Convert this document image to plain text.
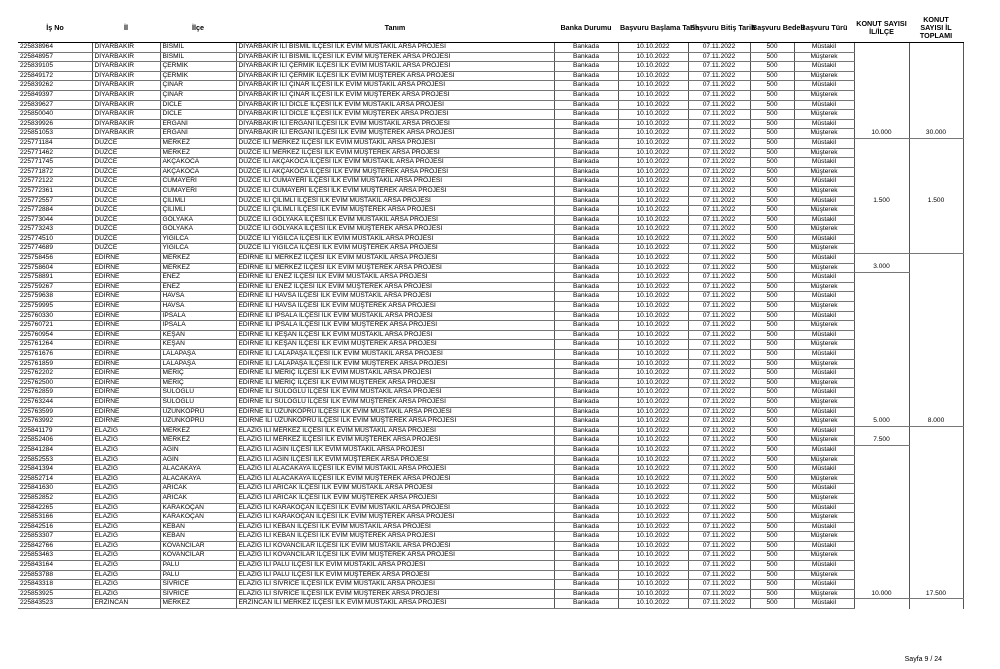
İş No	İl	İlçe	Tanım	Banka Durumu	Başvuru Başlama Tarih	Başvuru Bitiş Tarih	Başvuru Bedeli	Başvuru Türü	KONUT SAYISI İL/İLÇE	KONUT SAYISI İL TOPLAMI
225838964	DİYARBAKIR	BİSMİL	DİYARBAKIR İLİ BİSMİL İLÇESİ İLK EVİM MÜSTAKİL ARSA PROJESİ	Bankada	10.10.2022	07.11.2022	500	Müstakil		
225848957	DİYARBAKIR	BİSMİL	DİYARBAKIR İLİ BİSMİL İLÇESİ İLK EVİM MÜŞTEREK ARSA PROJESİ	Bankada	10.10.2022	07.11.2022	500	Müşterek		
225839105	DİYARBAKIR	ÇERMİK	DİYARBAKIR İLİ ÇERMİK İLÇESİ İLK EVİM MÜSTAKİL ARSA PROJESİ	Bankada	10.10.2022	07.11.2022	500	Müstakil		
225849172	DİYARBAKIR	ÇERMİK	DİYARBAKIR İLİ ÇERMİK İLÇESİ İLK EVİM MÜŞTEREK ARSA PROJESİ	Bankada	10.10.2022	07.11.2022	500	Müşterek		
225839262	DİYARBAKIR	ÇINAR	DİYARBAKIR İLİ ÇINAR İLÇESİ İLK EVİM MÜSTAKİL ARSA PROJESİ	Bankada	10.10.2022	07.11.2022	500	Müstakil		
225849397	DİYARBAKIR	ÇINAR	DİYARBAKIR İLİ ÇINAR İLÇESİ İLK EVİM MÜŞTEREK ARSA PROJESİ	Bankada	10.10.2022	07.11.2022	500	Müşterek		
225839627	DİYARBAKIR	DİCLE	DİYARBAKIR İLİ DİCLE İLÇESİ İLK EVİM MÜSTAKİL ARSA PROJESİ	Bankada	10.10.2022	07.11.2022	500	Müstakil		
225850040	DİYARBAKIR	DİCLE	DİYARBAKIR İLİ DİCLE İLÇESİ İLK EVİM MÜŞTEREK ARSA PROJESİ	Bankada	10.10.2022	07.11.2022	500	Müşterek		
225839926	DİYARBAKIR	ERGANİ	DİYARBAKIR İLİ ERGANİ İLÇESİ İLK EVİM MÜSTAKİL ARSA PROJESİ	Bankada	10.10.2022	07.11.2022	500	Müstakil		
225851053	DİYARBAKIR	ERGANİ	DİYARBAKIR İLİ ERGANİ İLÇESİ İLK EVİM MÜŞTEREK ARSA PROJESİ	Bankada	10.10.2022	07.11.2022	500	Müşterek	10.000	30.000
225771184	DÜZCE	MERKEZ	DÜZCE İLİ MERKEZ İLÇESİ İLK EVİM MÜSTAKİL ARSA PROJESİ	Bankada	10.10.2022	07.11.2022	500	Müstakil		
225771462	DÜZCE	MERKEZ	DÜZCE İLİ MERKEZ İLÇESİ İLK EVİM MÜŞTEREK ARSA PROJESİ	Bankada	10.10.2022	07.11.2022	500	Müşterek		
225771745	DÜZCE	AKÇAKOCA	DÜZCE İLİ AKÇAKOCA İLÇESİ İLK EVİM MÜSTAKİL ARSA PROJESİ	Bankada	10.10.2022	07.11.2022	500	Müstakil		
225771872	DÜZCE	AKÇAKOCA	DÜZCE İLİ AKÇAKOCA İLÇESİ İLK EVİM MÜŞTEREK ARSA PROJESİ	Bankada	10.10.2022	07.11.2022	500	Müşterek		
225772122	DÜZCE	CUMAYERİ	DÜZCE İLİ CUMAYERİ İLÇESİ İLK EVİM MÜSTAKİL ARSA PROJESİ	Bankada	10.10.2022	07.11.2022	500	Müstakil		
225772361	DÜZCE	CUMAYERİ	DÜZCE İLİ CUMAYERİ İLÇESİ İLK EVİM MÜŞTEREK ARSA PROJESİ	Bankada	10.10.2022	07.11.2022	500	Müşterek		
225772557	DÜZCE	ÇİLİMLİ	DÜZCE İLİ ÇİLİMLİ İLÇESİ İLK EVİM MÜSTAKİL ARSA PROJESİ	Bankada	10.10.2022	07.11.2022	500	Müstakil	1.500	1.500
225772884	DÜZCE	ÇİLİMLİ	DÜZCE İLİ ÇİLİMLİ İLÇESİ İLK EVİM MÜŞTEREK ARSA PROJESİ	Bankada	10.10.2022	07.11.2022	500	Müşterek		
225773044	DÜZCE	GÖLYAKA	DÜZCE İLİ GÖLYAKA İLÇESİ İLK EVİM MÜSTAKİL ARSA PROJESİ	Bankada	10.10.2022	07.11.2022	500	Müstakil		
225773243	DÜZCE	GÖLYAKA	DÜZCE İLİ GÖLYAKA İLÇESİ İLK EVİM MÜŞTEREK ARSA PROJESİ	Bankada	10.10.2022	07.11.2022	500	Müşterek		
225774510	DÜZCE	YIĞILCA	DÜZCE İLİ YIĞILCA İLÇESİ İLK EVİM MÜSTAKİL ARSA PROJESİ	Bankada	10.10.2022	07.11.2022	500	Müstakil		
225774689	DÜZCE	YIĞILCA	DÜZCE İLİ YIĞILCA İLÇESİ İLK EVİM MÜŞTEREK ARSA PROJESİ	Bankada	10.10.2022	07.11.2022	500	Müşterek		
225758456	EDİRNE	MERKEZ	EDİRNE İLİ MERKEZ İLÇESİ İLK EVİM MÜSTAKİL ARSA PROJESİ	Bankada	10.10.2022	07.11.2022	500	Müstakil		
225758604	EDİRNE	MERKEZ	EDİRNE İLİ MERKEZ İLÇESİ İLK EVİM MÜŞTEREK ARSA PROJESİ	Bankada	10.10.2022	07.11.2022	500	Müşterek	3.000	
225758891	EDİRNE	ENEZ	EDİRNE İLİ ENEZ İLÇESİ İLK EVİM MÜSTAKİL ARSA PROJESİ	Bankada	10.10.2022	07.11.2022	500	Müstakil		
225759267	EDİRNE	ENEZ	EDİRNE İLİ ENEZ İLÇESİ İLK EVİM MÜŞTEREK ARSA PROJESİ	Bankada	10.10.2022	07.11.2022	500	Müşterek		
225759638	EDİRNE	HAVSA	EDİRNE İLİ HAVSA İLÇESİ İLK EVİM MÜSTAKİL ARSA PROJESİ	Bankada	10.10.2022	07.11.2022	500	Müstakil		
225759995	EDİRNE	HAVSA	EDİRNE İLİ HAVSA İLÇESİ İLK EVİM MÜŞTEREK ARSA PROJESİ	Bankada	10.10.2022	07.11.2022	500	Müşterek		
225760330	EDİRNE	İPSALA	EDİRNE İLİ İPSALA İLÇESİ İLK EVİM MÜSTAKİL ARSA PROJESİ	Bankada	10.10.2022	07.11.2022	500	Müstakil		
225760721	EDİRNE	İPSALA	EDİRNE İLİ İPSALA İLÇESİ İLK EVİM MÜŞTEREK ARSA PROJESİ	Bankada	10.10.2022	07.11.2022	500	Müşterek		
225760954	EDİRNE	KEŞAN	EDİRNE İLİ KEŞAN İLÇESİ İLK EVİM MÜSTAKİL ARSA PROJESİ	Bankada	10.10.2022	07.11.2022	500	Müstakil		
225761264	EDİRNE	KEŞAN	EDİRNE İLİ KEŞAN İLÇESİ İLK EVİM MÜŞTEREK ARSA PROJESİ	Bankada	10.10.2022	07.11.2022	500	Müşterek		
225761676	EDİRNE	LALAPAŞA	EDİRNE İLİ LALAPAŞA İLÇESİ İLK EVİM MÜSTAKİL ARSA PROJESİ	Bankada	10.10.2022	07.11.2022	500	Müstakil		
225761859	EDİRNE	LALAPAŞA	EDİRNE İLİ LALAPAŞA İLÇESİ İLK EVİM MÜŞTEREK ARSA PROJESİ	Bankada	10.10.2022	07.11.2022	500	Müşterek		
225762202	EDİRNE	MERİÇ	EDİRNE İLİ MERİÇ İLÇESİ İLK EVİM MÜSTAKİL ARSA PROJESİ	Bankada	10.10.2022	07.11.2022	500	Müstakil		
225762500	EDİRNE	MERİÇ	EDİRNE İLİ MERİÇ İLÇESİ İLK EVİM MÜŞTEREK ARSA PROJESİ	Bankada	10.10.2022	07.11.2022	500	Müşterek		
225762859	EDİRNE	SÜLOĞLU	EDİRNE İLİ SÜLOĞLU İLÇESİ İLK EVİM MÜSTAKİL ARSA PROJESİ	Bankada	10.10.2022	07.11.2022	500	Müstakil		
225763244	EDİRNE	SÜLOĞLU	EDİRNE İLİ SÜLOĞLU İLÇESİ İLK EVİM MÜŞTEREK ARSA PROJESİ	Bankada	10.10.2022	07.11.2022	500	Müşterek		
225763599	EDİRNE	UZUNKÖPRÜ	EDİRNE İLİ UZUNKÖPRÜ İLÇESİ İLK EVİM MÜSTAKİL ARSA PROJESİ	Bankada	10.10.2022	07.11.2022	500	Müstakil		
225763992	EDİRNE	UZUNKÖPRÜ	EDİRNE İLİ UZUNKÖPRÜ İLÇESİ İLK EVİM MÜŞTEREK ARSA PROJESİ	Bankada	10.10.2022	07.11.2022	500	Müşterek	5.000	8.000
225841179	ELAZIĞ	MERKEZ	ELAZIĞ İLİ MERKEZ İLÇESİ İLK EVİM MÜSTAKİL ARSA PROJESİ	Bankada	10.10.2022	07.11.2022	500	Müstakil		
225852406	ELAZIĞ	MERKEZ	ELAZIĞ İLİ MERKEZ İLÇESİ İLK EVİM MÜŞTEREK ARSA PROJESİ	Bankada	10.10.2022	07.11.2022	500	Müşterek	7.500	
225841284	ELAZIĞ	AĞIN	ELAZIĞ İLİ AĞIN İLÇESİ İLK EVİM MÜSTAKİL ARSA PROJESİ	Bankada	10.10.2022	07.11.2022	500	Müstakil		
225852553	ELAZIĞ	AĞIN	ELAZIĞ İLİ AĞIN İLÇESİ İLK EVİM MÜŞTEREK ARSA PROJESİ	Bankada	10.10.2022	07.11.2022	500	Müşterek		
225841394	ELAZIĞ	ALACAKAYA	ELAZIĞ İLİ ALACAKAYA İLÇESİ İLK EVİM MÜSTAKİL ARSA PROJESİ	Bankada	10.10.2022	07.11.2022	500	Müstakil		
225852714	ELAZIĞ	ALACAKAYA	ELAZIĞ İLİ ALACAKAYA İLÇESİ İLK EVİM MÜŞTEREK ARSA PROJESİ	Bankada	10.10.2022	07.11.2022	500	Müşterek		
225841630	ELAZIĞ	ARICAK	ELAZIĞ İLİ ARICAK İLÇESİ İLK EVİM MÜSTAKİL ARSA PROJESİ	Bankada	10.10.2022	07.11.2022	500	Müstakil		
225852852	ELAZIĞ	ARICAK	ELAZIĞ İLİ ARICAK İLÇESİ İLK EVİM MÜŞTEREK ARSA PROJESİ	Bankada	10.10.2022	07.11.2022	500	Müşterek		
225842265	ELAZIĞ	KARAKOÇAN	ELAZIĞ İLİ KARAKOÇAN İLÇESİ İLK EVİM MÜSTAKİL ARSA PROJESİ	Bankada	10.10.2022	07.11.2022	500	Müstakil		
225853166	ELAZIĞ	KARAKOÇAN	ELAZIĞ İLİ KARAKOÇAN İLÇESİ İLK EVİM MÜŞTEREK ARSA PROJESİ	Bankada	10.10.2022	07.11.2022	500	Müşterek		
225842516	ELAZIĞ	KEBAN	ELAZIĞ İLİ KEBAN İLÇESİ İLK EVİM MÜSTAKİL ARSA PROJESİ	Bankada	10.10.2022	07.11.2022	500	Müstakil		
225853307	ELAZIĞ	KEBAN	ELAZIĞ İLİ KEBAN İLÇESİ İLK EVİM MÜŞTEREK ARSA PROJESİ	Bankada	10.10.2022	07.11.2022	500	Müşterek		
225842766	ELAZIĞ	KOVANCILAR	ELAZIĞ İLİ KOVANCILAR İLÇESİ İLK EVİM MÜSTAKİL ARSA PROJESİ	Bankada	10.10.2022	07.11.2022	500	Müstakil		
225853463	ELAZIĞ	KOVANCILAR	ELAZIĞ İLİ KOVANCILAR İLÇESİ İLK EVİM MÜŞTEREK ARSA PROJESİ	Bankada	10.10.2022	07.11.2022	500	Müşterek		
225843164	ELAZIĞ	PALU	ELAZIĞ İLİ PALU İLÇESİ İLK EVİM MÜSTAKİL ARSA PROJESİ	Bankada	10.10.2022	07.11.2022	500	Müstakil		
225853788	ELAZIĞ	PALU	ELAZIĞ İLİ PALU İLÇESİ İLK EVİM MÜŞTEREK ARSA PROJESİ	Bankada	10.10.2022	07.11.2022	500	Müşterek		
225843318	ELAZIĞ	SİVRİCE	ELAZIĞ İLİ SİVRİCE İLÇESİ İLK EVİM MÜSTAKİL ARSA PROJESİ	Bankada	10.10.2022	07.11.2022	500	Müstakil		
225853925	ELAZIĞ	SİVRİCE	ELAZIĞ İLİ SİVRİCE İLÇESİ İLK EVİM MÜŞTEREK ARSA PROJESİ	Bankada	10.10.2022	07.11.2022	500	Müşterek	10.000	17.500
225843523	ERZİNCAN	MERKEZ	ERZİNCAN İLİ MERKEZ İLÇESİ İLK EVİM MÜSTAKİL ARSA PROJESİ	Bankada	10.10.2022	07.11.2022	500	Müstakil		
Sayfa 9 / 24
